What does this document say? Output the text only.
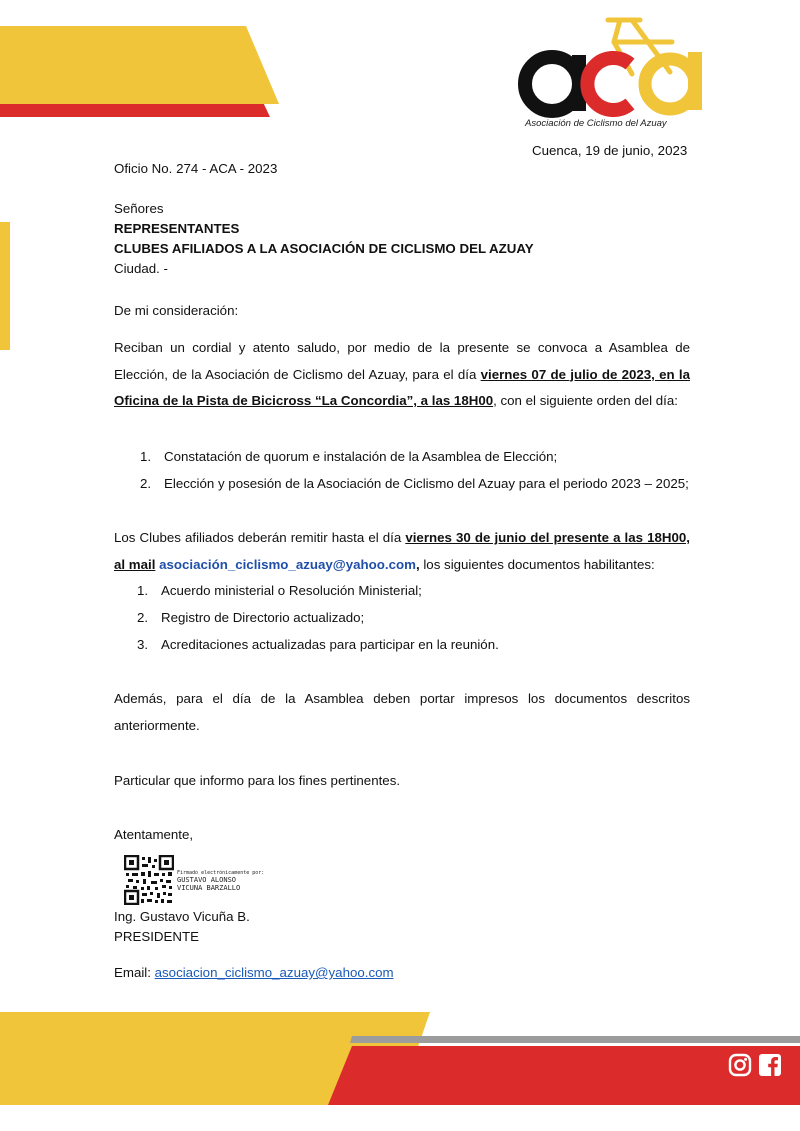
Asociación de Ciclismo del Azuay
Cuenca, 19 de junio, 2023
Oficio No. 274 - ACA - 2023
Señores
REPRESENTANTES
CLUBES AFILIADOS A LA ASOCIACIÓN DE CICLISMO DEL AZUAY
Ciudad. -
De mi consideración:

Reciban un cordial y atento saludo, por medio de la presente se convoca a Asamblea de Elección, de la Asociación de Ciclismo del Azuay, para el día viernes 07 de julio de 2023, en la Oficina de la Pista de Bicicross “La Concordia”, a las 18H00, con el siguiente orden del día:

1. Constatación de quorum e instalación de la Asamblea de Elección;
2. Elección y posesión de la Asociación de Ciclismo del Azuay para el periodo 2023 – 2025;

Los Clubes afiliados deberán remitir hasta el día viernes 30 de junio del presente a las 18H00, al mail asociación_ciclismo_azuay@yahoo.com, los siguientes documentos habilitantes:

1. Acuerdo ministerial o Resolución Ministerial;
2. Registro de Directorio actualizado;
3. Acreditaciones actualizadas para participar en la reunión.

Además, para el día de la Asamblea deben portar impresos los documentos descritos anteriormente.

Particular que informo para los fines pertinentes.
Atentamente,
Firmado electrónicamente por:
GUSTAVO ALONSO
VICUNA BARZALLO
Ing. Gustavo Vicuña B.
PRESIDENTE
Email: asociacion_ciclismo_azuay@yahoo.com
